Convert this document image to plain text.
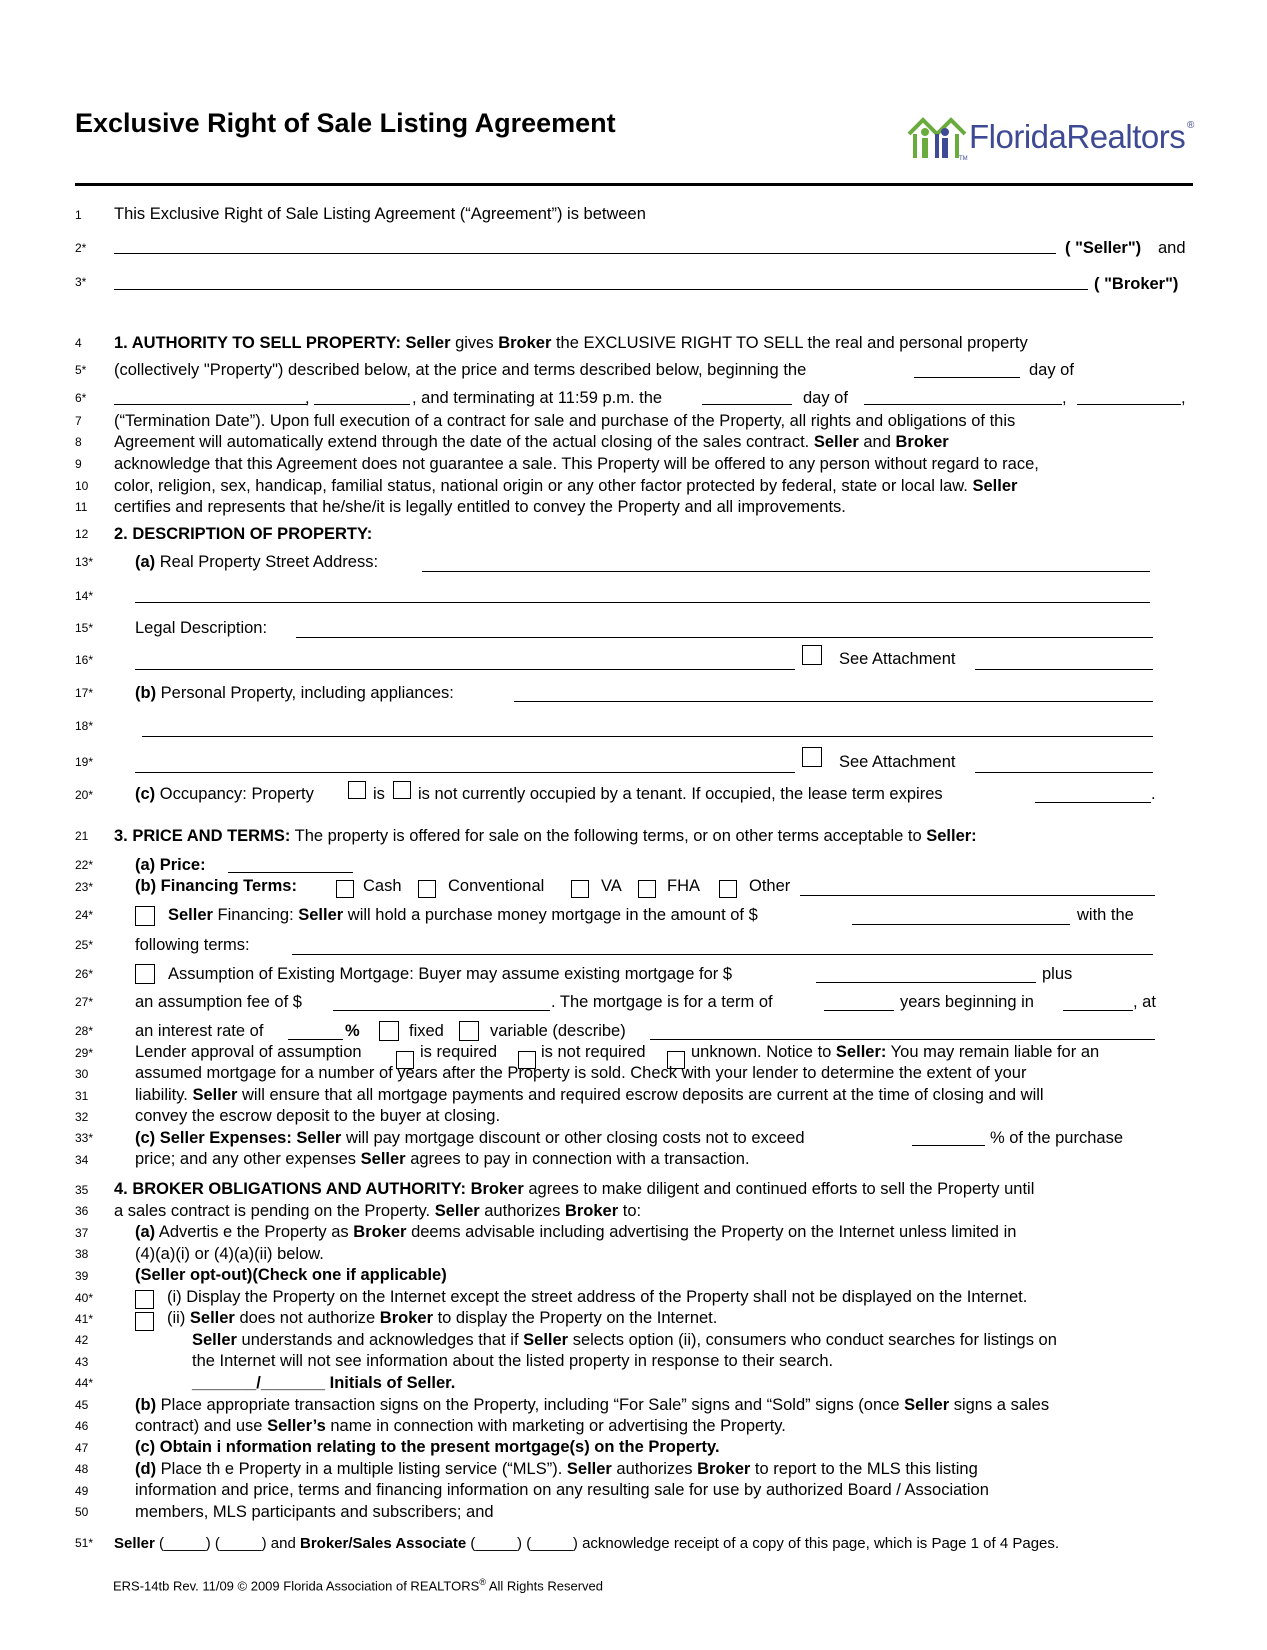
Exclusive Right of Sale Listing Agreement	FloridaRealtors ®
TM
1
2*
3*
4
5*
6*
7
8
9
10
11
12
13*
14*
15*
16*
17*
18*
19*
20*
21
22*
23*
24*
25*
26*
27*
28*
29*
30
31
32
33*
34
35
36
37
38
39
40*
41*
42
43
44*
45
46
47
48
49
50
51*
This Exclusive Right of Sale Listing Agreement (“Agreement”) is between
( "Seller") and
( "Broker")
1. AUTHORITY TO SELL PROPERTY: Seller gives Broker the EXCLUSIVE RIGHT TO SELL the real and personal property
(collectively "Property") described below, at the price and terms described below, beginning the	day of
,	, and terminating at 11:59 p.m. the	day of	,	,
(“Termination Date”). Upon full execution of a contract for sale and purchase of the Property, all rights and obligations of this
Agreement will automatically extend through the date of the actual closing of the sales contract. Seller and Broker
acknowledge that this Agreement does not guarantee a sale. This Property will be offered to any person without regard to race,
color, religion, sex, handicap, familial status, national origin or any other factor protected by federal, state or local law. Seller
certifies and represents that he/she/it is legally entitled to convey the Property and all improvements.
2. DESCRIPTION OF PROPERTY:
(a) Real Property Street Address:
Legal Description:
See Attachment
(b) Personal Property, including appliances:
See Attachment
(c) Occupancy: Property	is is not currently occupied by a tenant. If occupied, the lease term expires	.
3. PRICE AND TERMS: The property is offered for sale on the following terms, or on other terms acceptable to Seller:
(a) Price:
(b) Financing Terms:	Cash	Conventional	VA	FHA	Other
Seller Financing: Seller will hold a purchase money mortgage in the amount of $	with the
following terms:
Assumption of Existing Mortgage: Buyer may assume existing mortgage for $	plus
an assumption fee of $	. The mortgage is for a term of	years beginning in	, at
an interest rate of	%	fixed	variable (describe)
Lender approval of assumption	is required	is not required	unknown. Notice to Seller: You may remain liable for an
assumed mortgage for a number of years after the Property is sold. Check with your lender to determine the extent of your
liability. Seller will ensure that all mortgage payments and required escrow deposits are current at the time of closing and will
convey the escrow deposit to the buyer at closing.
(c) Seller Expenses: Seller will pay mortgage discount or other closing costs not to exceed	% of the purchase
price; and any other expenses Seller agrees to pay in connection with a transaction.
4. BROKER OBLIGATIONS AND AUTHORITY: Broker agrees to make diligent and continued efforts to sell the Property until
a sales contract is pending on the Property. Seller authorizes Broker to:
(a) Advertis e the Property as Broker deems advisable including advertising the Property on the Internet unless limited in
(4)(a)(i) or (4)(a)(ii) below.
(Seller opt-out)(Check one if applicable)
(i) Display the Property on the Internet except the street address of the Property shall not be displayed on the Internet.
(ii) Seller does not authorize Broker to display the Property on the Internet.
Seller understands and acknowledges that if Seller selects option (ii), consumers who conduct searches for listings on
the Internet will not see information about the listed property in response to their search.
_______/_______ Initials of Seller.
(b) Place appropriate transaction signs on the Property, including “For Sale” signs and “Sold” signs (once Seller signs a sales
contract) and use Seller’s name in connection with marketing or advertising the Property.
(c) Obtain i nformation relating to the present mortgage(s) on the Property.
(d) Place th e Property in a multiple listing service (“MLS”). Seller authorizes Broker to report to the MLS this listing
information and price, terms and financing information on any resulting sale for use by authorized Board / Association
members, MLS participants and subscribers; and
Seller (_____) (_____) and Broker/Sales Associate (_____) (_____) acknowledge receipt of a copy of this page, which is Page 1 of 4 Pages.
ERS-14tb Rev. 11/09 © 2009 Florida Association of REALTORS® All Rights Reserved
